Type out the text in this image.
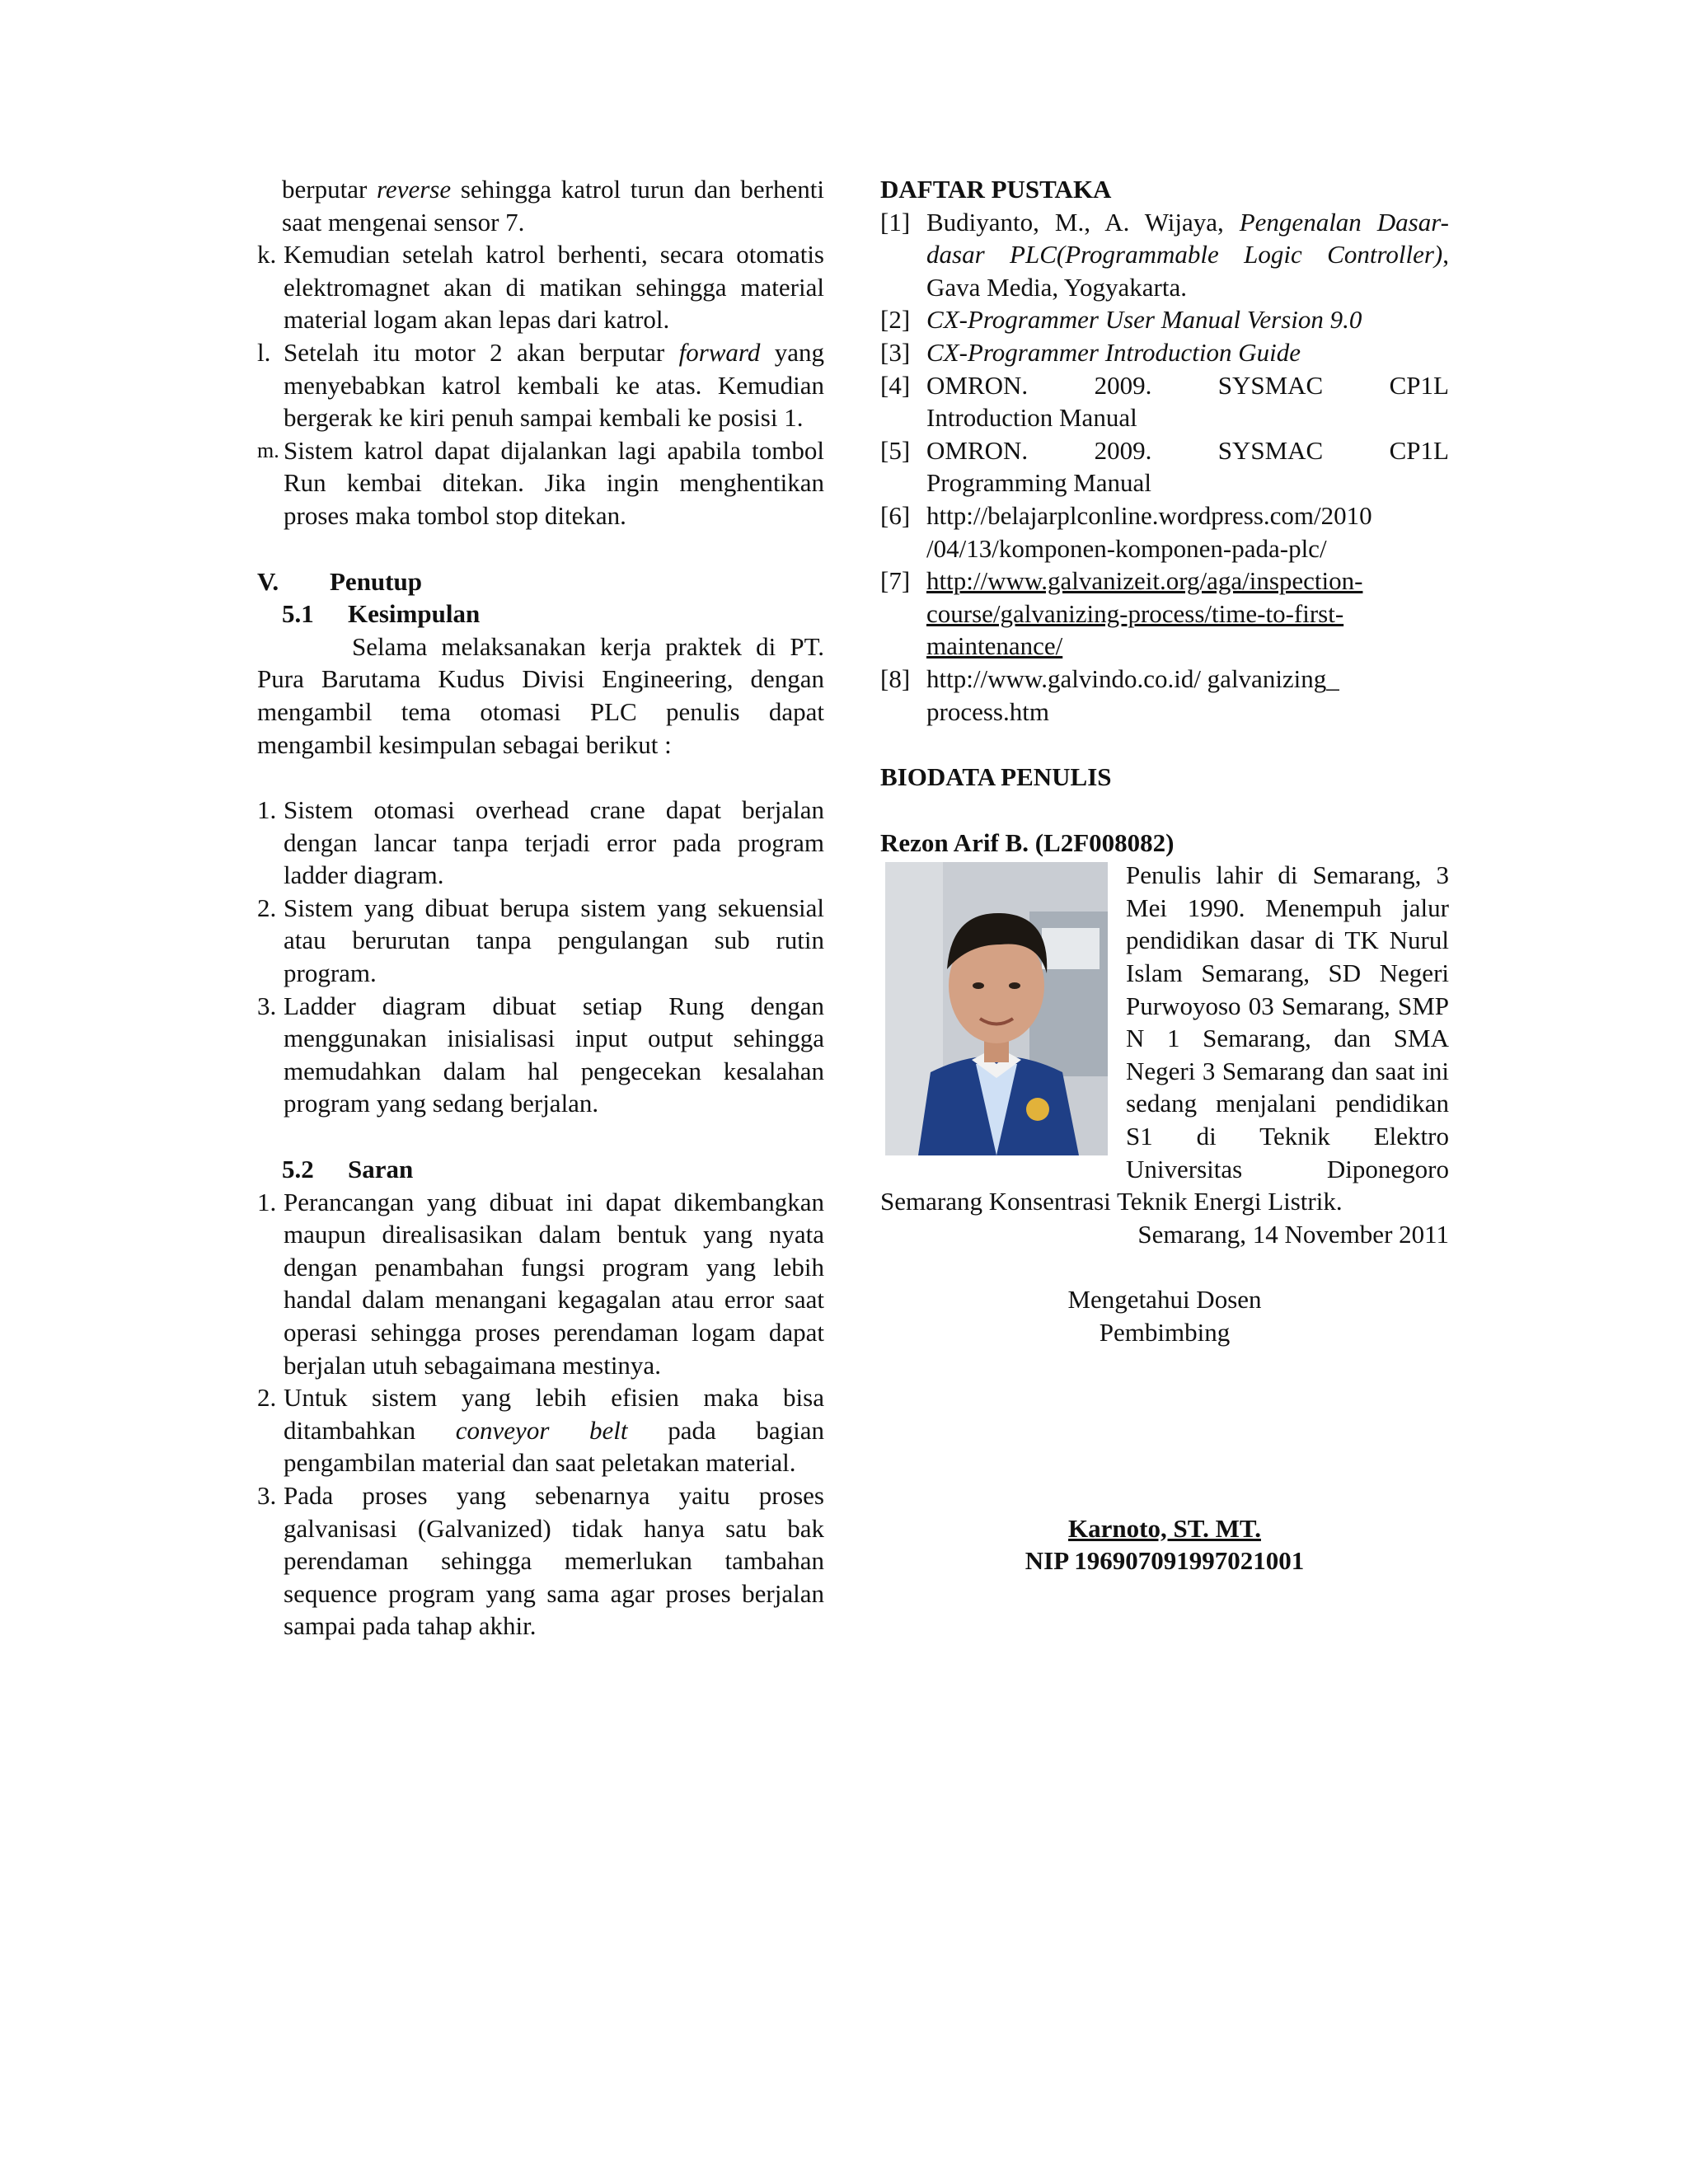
berputar reverse sehingga katrol turun dan berhenti saat mengenai sensor 7.

k. Kemudian setelah katrol berhenti, secara otomatis elektromagnet akan di matikan sehingga material material logam akan lepas dari katrol.
l. Setelah itu motor 2 akan berputar forward yang menyebabkan katrol kembali ke atas. Kemudian bergerak ke kiri penuh sampai kembali ke posisi 1.
m. Sistem katrol dapat dijalankan lagi apabila tombol Run kembai ditekan. Jika ingin menghentikan proses maka tombol stop ditekan.

V. Penutup

5.1 Kesimpulan

Selama melaksanakan kerja praktek di PT. Pura Barutama Kudus Divisi Engineering, dengan mengambil tema otomasi PLC penulis dapat mengambil kesimpulan sebagai berikut :

1. Sistem otomasi overhead crane dapat berjalan dengan lancar tanpa terjadi error pada program ladder diagram.
2. Sistem yang dibuat berupa sistem yang sekuensial atau berurutan tanpa pengulangan sub rutin program.
3. Ladder diagram dibuat setiap Rung dengan menggunakan inisialisasi input output sehingga memudahkan dalam hal pengecekan kesalahan program yang sedang berjalan.

5.2 Saran

1. Perancangan yang dibuat ini dapat dikembangkan maupun direalisasikan dalam bentuk yang nyata dengan penambahan fungsi program yang lebih handal dalam menangani kegagalan atau error saat operasi sehingga proses perendaman logam dapat berjalan utuh sebagaimana mestinya.
2. Untuk sistem yang lebih efisien maka bisa ditambahkan conveyor belt pada bagian pengambilan material dan saat peletakan material.
3. Pada proses yang sebenarnya yaitu proses galvanisasi (Galvanized) tidak hanya satu bak perendaman sehingga memerlukan tambahan sequence program yang sama agar proses berjalan sampai pada tahap akhir.

DAFTAR PUSTAKA

[1] Budiyanto, M., A. Wijaya, Pengenalan Dasar-dasar PLC(Programmable Logic Controller), Gava Media, Yogyakarta.
[2] CX-Programmer User Manual Version 9.0
[3] CX-Programmer Introduction Guide
[4] OMRON.	2009.	SYSMAC	CP1L
Introduction Manual
[5] OMRON.	2009.	SYSMAC	CP1L
Programming Manual
[6] http://belajarplconline.wordpress.com/2010
/04/13/komponen-komponen-pada-plc/
[7] http://www.galvanizeit.org/aga/inspection-
course/galvanizing-process/time-to-first-
maintenance/
[8] http://www.galvindo.co.id/ galvanizing_
process.htm

BIODATA PENULIS

Rezon Arif B. (L2F008082)

Penulis lahir di Semarang, 3 Mei 1990. Menempuh jalur pendidikan dasar di TK Nurul Islam Semarang, SD Negeri Purwoyoso 03 Semarang, SMP N 1 Semarang, dan SMA Negeri 3 Semarang dan saat ini sedang menjalani pendidikan S1 di Teknik Elektro Universitas Diponegoro Semarang Konsentrasi Teknik Energi Listrik.

Semarang, 14 November 2011

Mengetahui Dosen

Pembimbing

Karnoto, ST. MT.

NIP 196907091997021001
